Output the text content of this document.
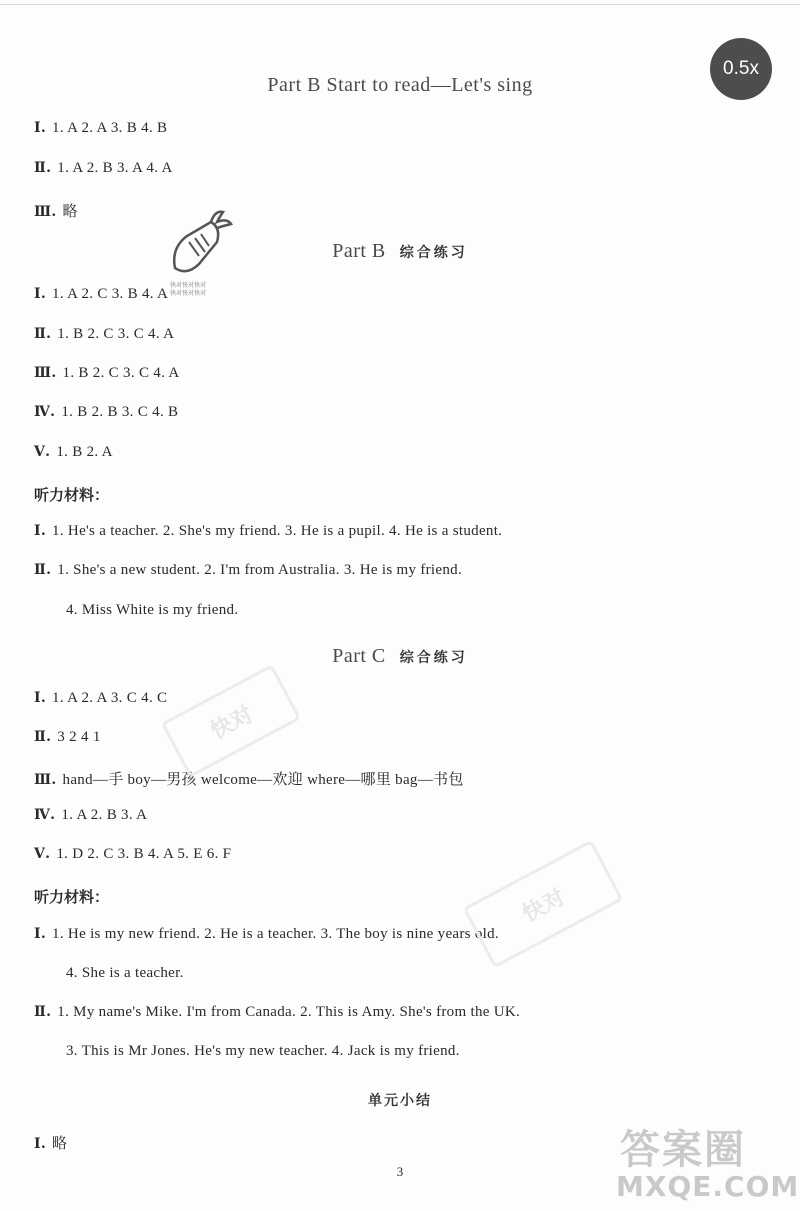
0.5x
Part B Start to read—Let's sing
Ⅰ. 1. A 2. A 3. B 4. B
Ⅱ. 1. A 2. B 3. A 4. A
Ⅲ. 略
快对快对快对
快对快对快对
Part B 综合练习
Ⅰ. 1. A 2. C 3. B 4. A
Ⅱ. 1. B 2. C 3. C 4. A
Ⅲ. 1. B 2. C 3. C 4. A
Ⅳ. 1. B 2. B 3. C 4. B
Ⅴ. 1. B 2. A
听力材料：
Ⅰ. 1. He's a teacher. 2. She's my friend. 3. He is a pupil. 4. He is a student.
Ⅱ. 1. She's a new student. 2. I'm from Australia. 3. He is my friend.
4. Miss White is my friend.
Part C 综合练习
Ⅰ. 1. A 2. A 3. C 4. C
Ⅱ. 3 2 4 1
Ⅲ. hand—手 boy—男孩 welcome—欢迎 where—哪里 bag—书包
Ⅳ. 1. A 2. B 3. A
Ⅴ. 1. D 2. C 3. B 4. A 5. E 6. F
听力材料：
Ⅰ. 1. He is my new friend. 2. He is a teacher. 3. The boy is nine years old.
4. She is a teacher.
Ⅱ. 1. My name's Mike. I'm from Canada. 2. This is Amy. She's from the UK.
3. This is Mr Jones. He's my new teacher. 4. Jack is my friend.
单元小结
Ⅰ. 略
快对
快对
答案圈
MXQE.COM
3
